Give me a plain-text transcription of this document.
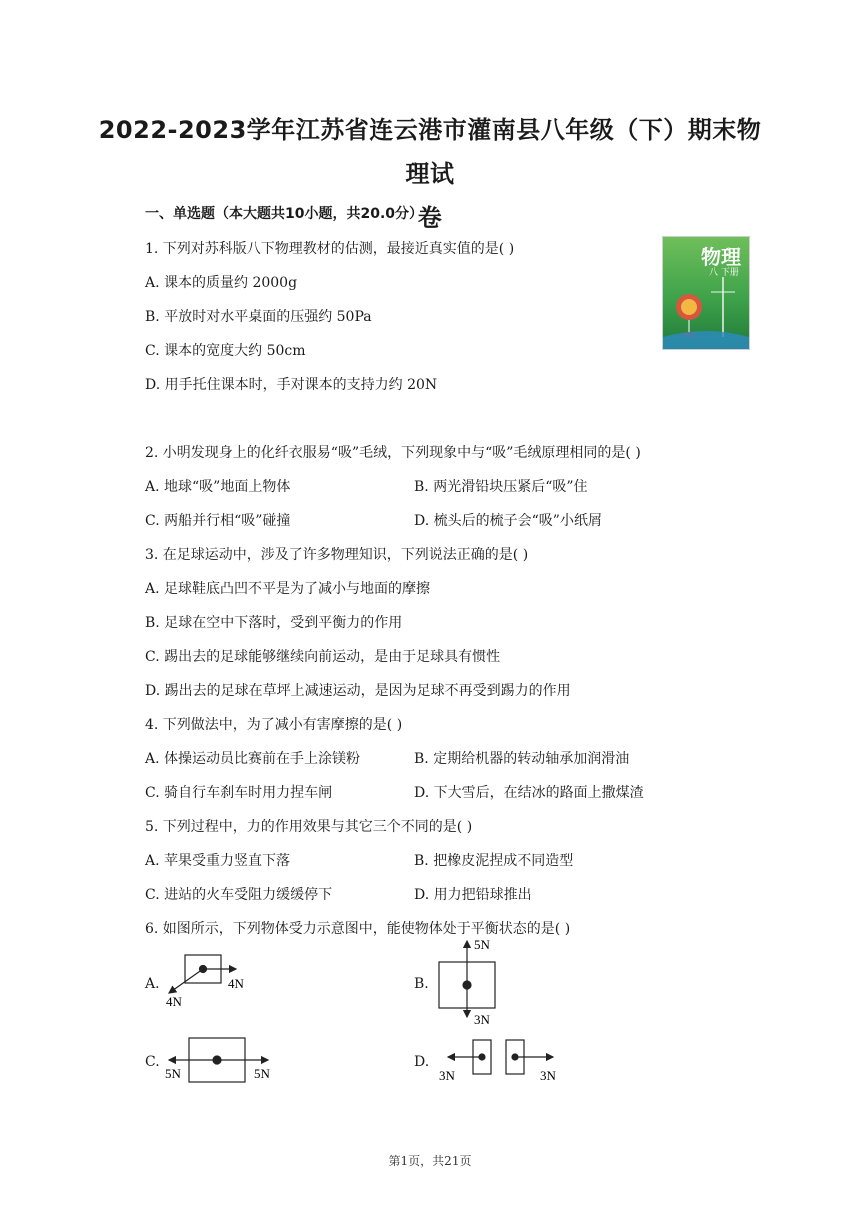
2022-2023学年江苏省连云港市灌南县八年级（下）期末物理试
卷
一、单选题（本大题共10小题，共20.0分）
1. 下列对苏科版八下物理教材的估测，最接近真实值的是( )
A. 课本的质量约 2000g
B. 平放时对水平桌面的压强约 50Pa
C. 课本的宽度大约 50cm
D. 用手托住课本时，手对课本的支持力约 20N
物理
八 下册
2. 小明发现身上的化纤衣服易“吸”毛绒，下列现象中与“吸”毛绒原理相同的是( )
A. 地球“吸”地面上物体	B. 两光滑铅块压紧后“吸”住
C. 两船并行相“吸”碰撞	D. 梳头后的梳子会“吸”小纸屑
3. 在足球运动中，涉及了许多物理知识，下列说法正确的是( )
A. 足球鞋底凸凹不平是为了减小与地面的摩擦
B. 足球在空中下落时，受到平衡力的作用
C. 踢出去的足球能够继续向前运动，是由于足球具有惯性
D. 踢出去的足球在草坪上减速运动，是因为足球不再受到踢力的作用
4. 下列做法中，为了减小有害摩擦的是( )
A. 体操运动员比赛前在手上涂镁粉	B. 定期给机器的转动轴承加润滑油
C. 骑自行车刹车时用力捏车闸	D. 下大雪后，在结冰的路面上撒煤渣
5. 下列过程中，力的作用效果与其它三个不同的是( )
A. 苹果受重力竖直下落	B. 把橡皮泥捏成不同造型
C. 进站的火车受阻力缓缓停下	D. 用力把铅球推出
6. 如图所示，下列物体受力示意图中，能使物体处于平衡状态的是( )
A.	B.
C.	D.
4N
4N
5N
3N
5N	5N	3N	3N
第1页，共21页
